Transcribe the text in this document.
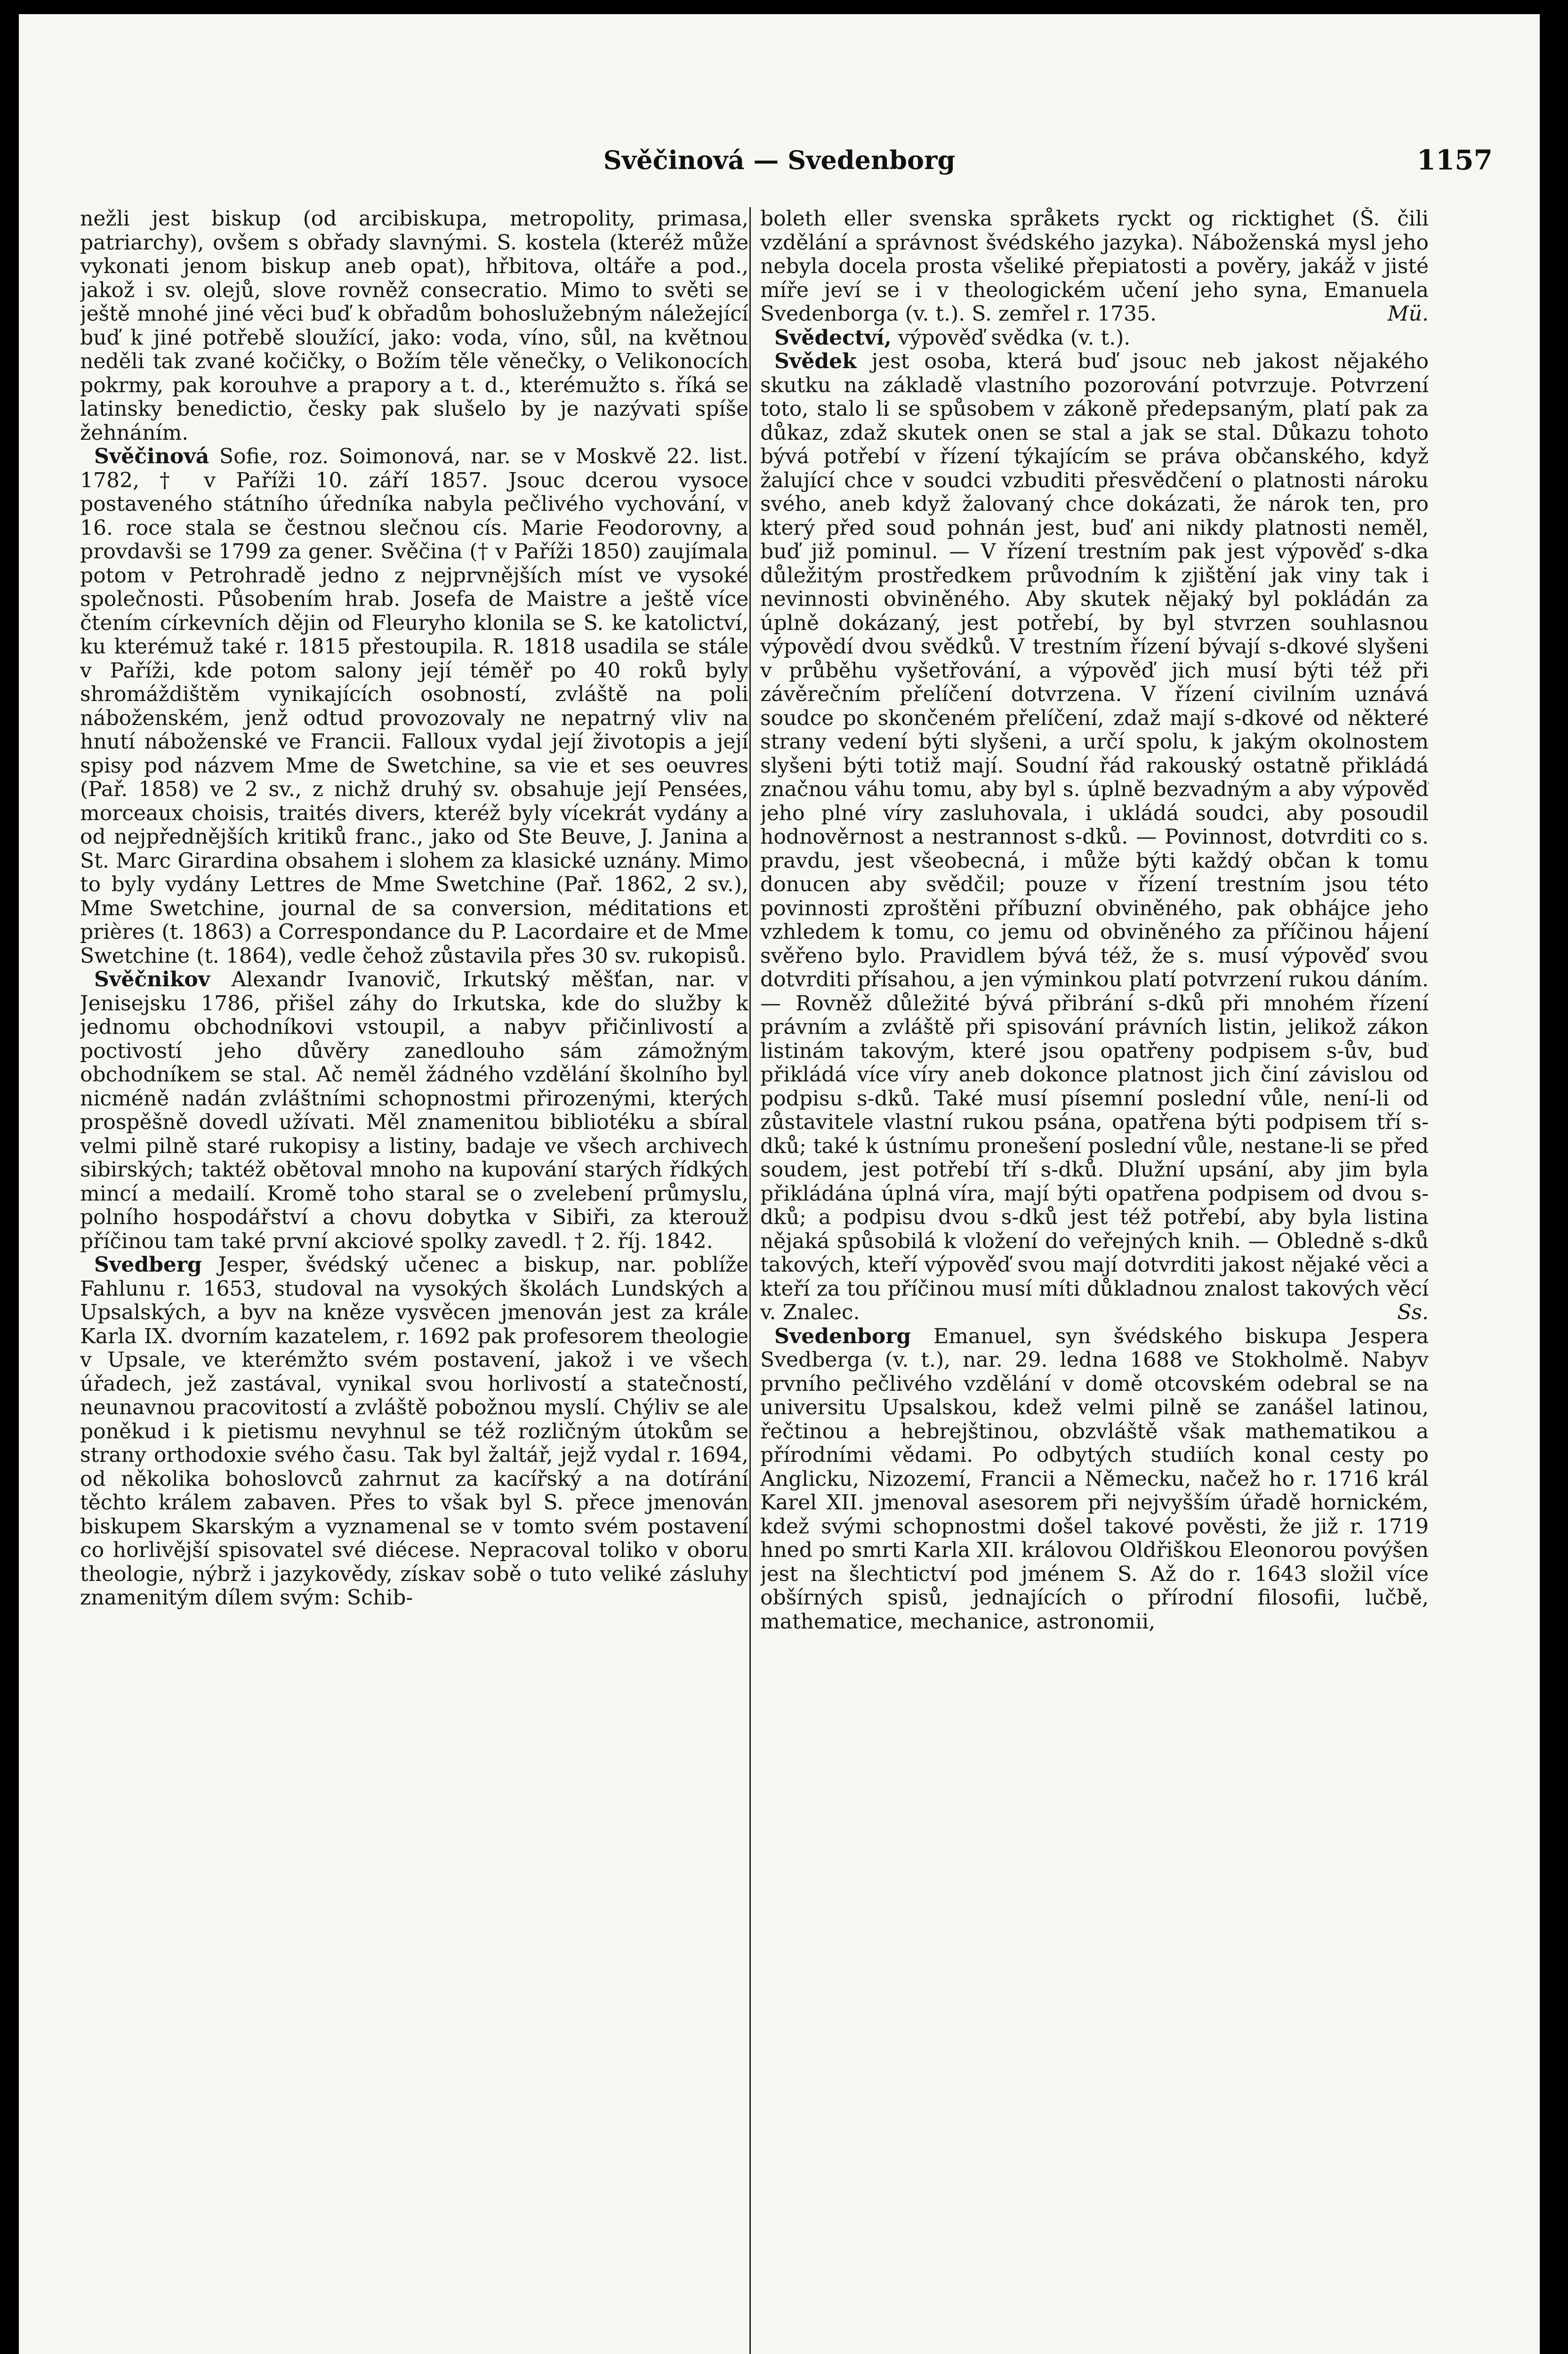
Svěčinová — Svedenborg	1157

nežli jest biskup (od arcibiskupa, metropolity, primasa, patriarchy), ovšem s obřady slavnými. S. kostela (kteréž může vykonati jenom biskup aneb opat), hřbitova, oltáře a pod., jakož i sv. olejů, slove rovněž consecratio. Mimo to světi se ještě mnohé jiné věci buď k obřadům bohoslužebným náležející buď k jiné potřebě sloužící, jako: voda, víno, sůl, na květnou neděli tak zvané kočičky, o Božím těle věnečky, o Velikonocích pokrmy, pak korouhve a prapory a t. d., kterémužto s. říká se latinsky benedictio, česky pak slušelo by je nazývati spíše žehnáním.

Svěčinová Sofie, roz. Soimonová, nar. se v Moskvě 22. list. 1782, † v Paříži 10. září 1857. Jsouc dcerou vysoce postaveného státního úředníka nabyla pečlivého vychování, v 16. roce stala se čestnou slečnou cís. Marie Feodorovny, a provdavši se 1799 za gener. Svěčina († v Paříži 1850) zaujímala potom v Petrohradě jedno z nejprvnějších míst ve vysoké společnosti. Působením hrab. Josefa de Maistre a ještě více čtením církevních dějin od Fleuryho klonila se S. ke katolictví, ku kterémuž také r. 1815 přestoupila. R. 1818 usadila se stále v Paříži, kde potom salony její téměř po 40 roků byly shromáždištěm vynikajících osobností, zvláště na poli náboženském, jenž odtud provozovaly ne nepatrný vliv na hnutí náboženské ve Francii. Falloux vydal její životopis a její spisy pod názvem Mme de Swetchine, sa vie et ses oeuvres (Pař. 1858) ve 2 sv., z nichž druhý sv. obsahuje její Pensées, morceaux choisis, traités divers, kteréž byly vícekrát vydány a od nejpřednějších kritiků franc., jako od Ste Beuve, J. Janina a St. Marc Girardina obsahem i slohem za klasické uznány. Mimo to byly vydány Lettres de Mme Swetchine (Pař. 1862, 2 sv.), Mme Swetchine, journal de sa conversion, méditations et prières (t. 1863) a Correspondance du P. Lacordaire et de Mme Swetchine (t. 1864), vedle čehož zůstavila přes 30 sv. rukopisů.

Svěčnikov Alexandr Ivanovič, Irkutský měšťan, nar. v Jenisejsku 1786, přišel záhy do Irkutska, kde do služby k jednomu obchodníkovi vstoupil, a nabyv přičinlivostí a poctivostí jeho důvěry zanedlouho sám zámožným obchodníkem se stal. Ač neměl žádného vzdělání školního byl nicméně nadán zvláštními schopnostmi přirozenými, kterých prospěšně dovedl užívati. Měl znamenitou bibliotéku a sbíral velmi pilně staré rukopisy a listiny, badaje ve všech archivech sibirských; taktéž obětoval mnoho na kupování starých řídkých mincí a medailí. Kromě toho staral se o zvelebení průmyslu, polního hospodářství a chovu dobytka v Sibiři, za kterouž příčinou tam také první akciové spolky zavedl. † 2. říj. 1842.

Svedberg Jesper, švédský učenec a biskup, nar. poblíže Fahlunu r. 1653, studoval na vysokých školách Lundských a Upsalských, a byv na kněze vysvěcen jmenován jest za krále Karla IX. dvorním kazatelem, r. 1692 pak profesorem theologie v Upsale, ve kterémžto svém postavení, jakož i ve všech úřadech, jež zastával, vynikal svou horlivostí a statečností, neunavnou pracovitostí a zvláště pobožnou myslí. Chýliv se ale poněkud i k pietismu nevyhnul se též rozličným útokům se strany orthodoxie svého času. Tak byl žaltář, jejž vydal r. 1694, od několika bohoslovců zahrnut za kacířský a na dotírání těchto králem zabaven. Přes to však byl S. přece jmenován biskupem Skarským a vyznamenal se v tomto svém postavení co horlivější spisovatel své diécese. Nepracoval toliko v oboru theologie, nýbrž i jazykovědy, získav sobě o tuto veliké zásluhy znamenitým dílem svým: Schib-

boleth eller svenska språkets ryckt og ricktighet (Š. čili vzdělání a správnost švédského jazyka). Náboženská mysl jeho nebyla docela prosta všeliké přepiatosti a pověry, jakáž v jisté míře jeví se i v theologickém učení jeho syna, Emanuela Svedenborga (v. t.). S. zemřel r. 1735.	Mü.

Svědectví, výpověď svědka (v. t.).

Svědek jest osoba, která buď jsouc neb jakost nějakého skutku na základě vlastního pozorování potvrzuje. Potvrzení toto, stalo li se spůsobem v zákoně předepsaným, platí pak za důkaz, zdaž skutek onen se stal a jak se stal. Důkazu tohoto bývá potřebí v řízení týkajícím se práva občanského, když žalující chce v soudci vzbuditi přesvědčení o platnosti nároku svého, aneb když žalovaný chce dokázati, že nárok ten, pro který před soud pohnán jest, buď ani nikdy platnosti neměl, buď již pominul. — V řízení trestním pak jest výpověď s-dka důležitým prostředkem průvodním k zjištění jak viny tak i nevinnosti obviněného. Aby skutek nějaký byl pokládán za úplně dokázaný, jest potřebí, by byl stvrzen souhlasnou výpovědí dvou svědků. V trestním řízení bývají s-dkové slyšeni v průběhu vyšetřování, a výpověď jich musí býti též při závěrečním přelíčení dotvrzena. V řízení civilním uznává soudce po skončeném přelíčení, zdaž mají s-dkové od některé strany vedení býti slyšeni, a určí spolu, k jakým okolnostem slyšeni býti totiž mají. Soudní řád rakouský ostatně přikládá značnou váhu tomu, aby byl s. úplně bezvadným a aby výpověď jeho plné víry zasluhovala, i ukládá soudci, aby posoudil hodnověrnost a nestrannost s-dků. — Povinnost, dotvrditi co s. pravdu, jest všeobecná, i může býti každý občan k tomu donucen aby svědčil; pouze v řízení trestním jsou této povinnosti zproštěni příbuzní obviněného, pak obhájce jeho vzhledem k tomu, co jemu od obviněného za příčinou hájení svěřeno bylo. Pravidlem bývá též, že s. musí výpověď svou dotvrditi přísahou, a jen výminkou platí potvrzení rukou dáním. — Rovněž důležité bývá přibrání s-dků při mnohém řízení právním a zvláště při spisování právních listin, jelikož zákon listinám takovým, které jsou opatřeny podpisem s-ův, buď přikládá více víry aneb dokonce platnost jich činí závislou od podpisu s-dků. Také musí písemní poslední vůle, není-li od zůstavitele vlastní rukou psána, opatřena býti podpisem tří s-dků; také k ústnímu pronešení poslední vůle, nestane-li se před soudem, jest potřebí tří s-dků. Dlužní upsání, aby jim byla přikládána úplná víra, mají býti opatřena podpisem od dvou s-dků; a podpisu dvou s-dků jest též potřebí, aby byla listina nějaká spůsobilá k vložení do veřejných knih. — Obledně s-dků takových, kteří výpověď svou mají dotvrditi jakost nějaké věci a kteří za tou příčinou musí míti důkladnou znalost takových věcí v. Znalec.	Ss.

Svedenborg Emanuel, syn švédského biskupa Jespera Svedberga (v. t.), nar. 29. ledna 1688 ve Stokholmě. Nabyv prvního pečlivého vzdělání v domě otcovském odebral se na universitu Upsalskou, kdež velmi pilně se zanášel latinou, řečtinou a hebrejštinou, obzvláště však mathematikou a přírodními vědami. Po odbytých studiích konal cesty po Anglicku, Nizozemí, Francii a Německu, načež ho r. 1716 král Karel XII. jmenoval asesorem při nejvyšším úřadě hornickém, kdež svými schopnostmi došel takové pověsti, že již r. 1719 hned po smrti Karla XII. královou Oldřiškou Eleonorou povýšen jest na šlechtictví pod jménem S. Až do r. 1643 složil více obšírných spisů, jednajících o přírodní filosofii, lučbě, mathematice, mechanice, astronomii,
